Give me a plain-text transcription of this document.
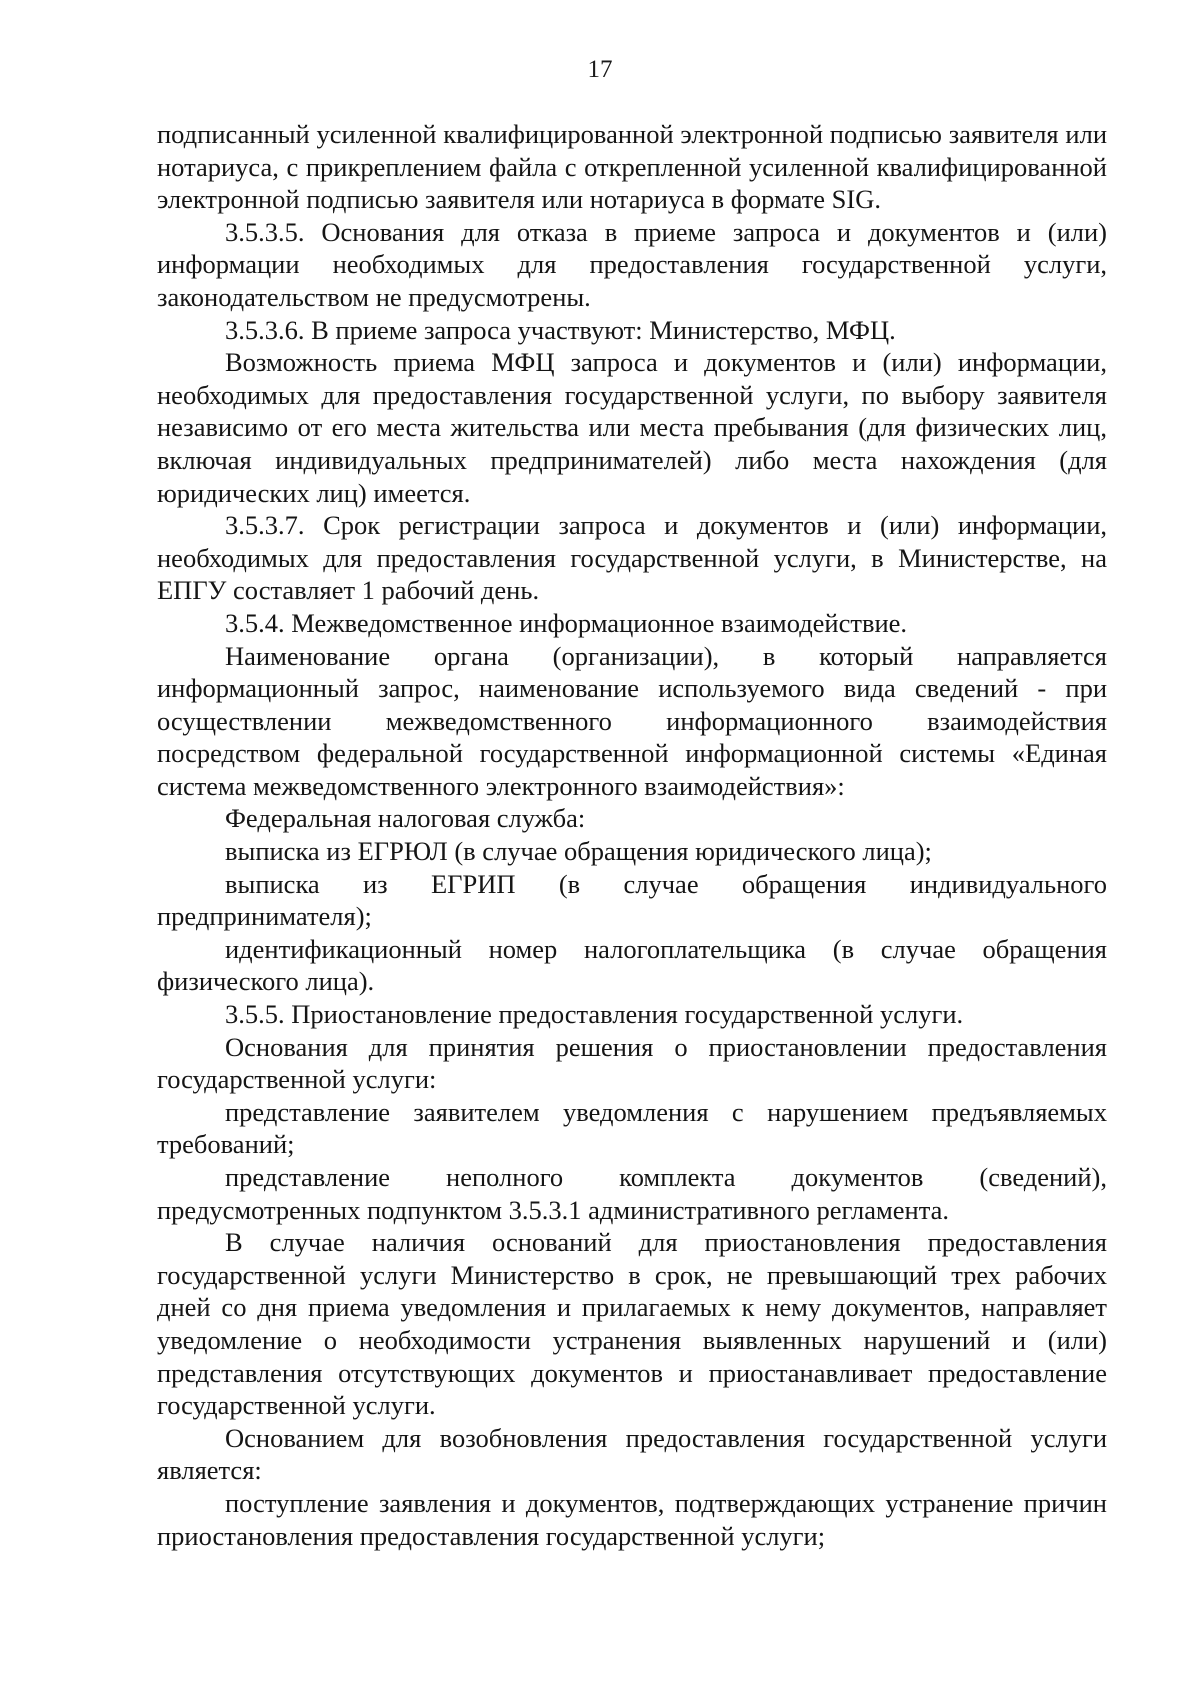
17

подписанный усиленной квалифицированной электронной подписью заявителя или нотариуса, с прикреплением файла с открепленной усиленной квалифицированной электронной подписью заявителя или нотариуса в формате SIG.

3.5.3.5. Основания для отказа в приеме запроса и документов и (или) информации необходимых для предоставления государственной услуги, законодательством не предусмотрены.

3.5.3.6. В приеме запроса участвуют: Министерство, МФЦ.

Возможность приема МФЦ запроса и документов и (или) информации, необходимых для предоставления государственной услуги, по выбору заявителя независимо от его места жительства или места пребывания (для физических лиц, включая индивидуальных предпринимателей) либо места нахождения (для юридических лиц) имеется.

3.5.3.7. Срок регистрации запроса и документов и (или) информации, необходимых для предоставления государственной услуги, в Министерстве, на ЕПГУ составляет 1 рабочий день.

3.5.4. Межведомственное информационное взаимодействие.

Наименование органа (организации), в который направляется информационный запрос, наименование используемого вида сведений - при осуществлении межведомственного информационного взаимодействия посредством федеральной государственной информационной системы «Единая система межведомственного электронного взаимодействия»:

Федеральная налоговая служба:

выписка из ЕГРЮЛ (в случае обращения юридического лица);

выписка из ЕГРИП (в случае обращения индивидуального предпринимателя);

идентификационный номер налогоплательщика (в случае обращения физического лица).

3.5.5. Приостановление предоставления государственной услуги.

Основания для принятия решения о приостановлении предоставления государственной услуги:

представление заявителем уведомления с нарушением предъявляемых требований;

представление неполного комплекта документов (сведений), предусмотренных подпунктом 3.5.3.1 административного регламента.

В случае наличия оснований для приостановления предоставления государственной услуги Министерство в срок, не превышающий трех рабочих дней со дня приема уведомления и прилагаемых к нему документов, направляет уведомление о необходимости устранения выявленных нарушений и (или) представления отсутствующих документов и приостанавливает предоставление государственной услуги.

Основанием для возобновления предоставления государственной услуги является:

поступление заявления и документов, подтверждающих устранение причин приостановления предоставления государственной услуги;
